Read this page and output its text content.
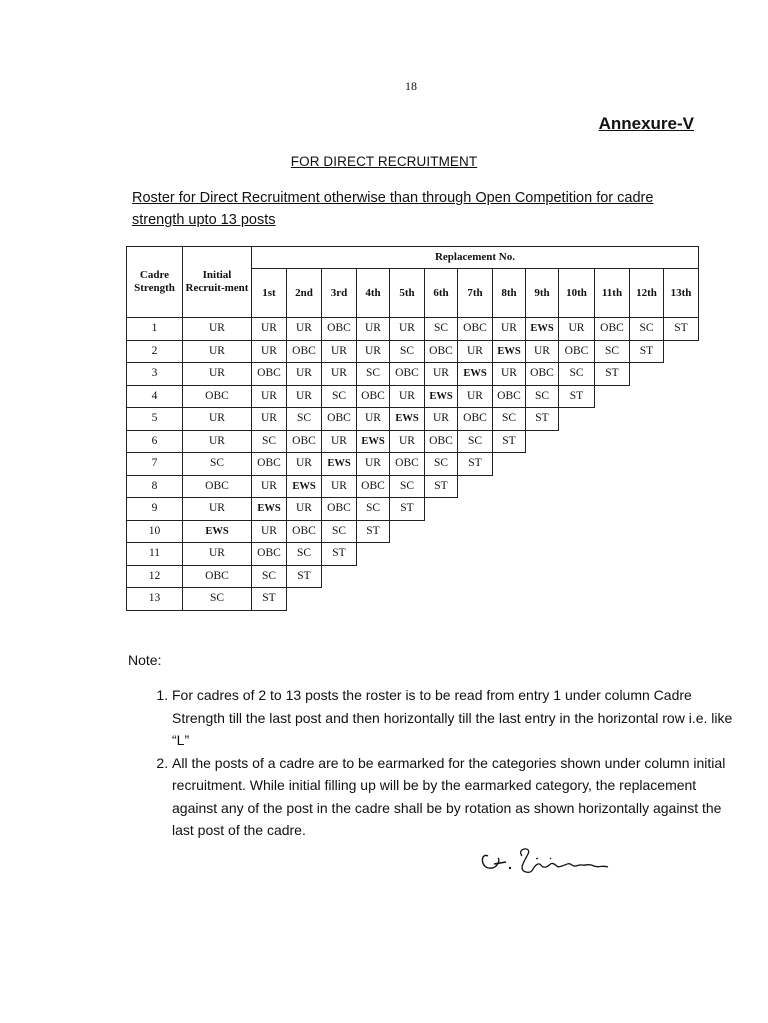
18
Annexure-V
FOR DIRECT RECRUITMENT
Roster for Direct Recruitment otherwise than through Open Competition for cadre strength upto 13 posts
Cadre Strength	Initial Recruit-ment	Replacement No.												
		1st	2nd	3rd	4th	5th	6th	7th	8th	9th	10th	11th	12th	13th
1	UR	UR	UR	OBC	UR	UR	SC	OBC	UR	EWS	UR	OBC	SC	ST
2	UR	UR	OBC	UR	UR	SC	OBC	UR	EWS	UR	OBC	SC	ST	
3	UR	OBC	UR	UR	SC	OBC	UR	EWS	UR	OBC	SC	ST		
4	OBC	UR	UR	SC	OBC	UR	EWS	UR	OBC	SC	ST			
5	UR	UR	SC	OBC	UR	EWS	UR	OBC	SC	ST				
6	UR	SC	OBC	UR	EWS	UR	OBC	SC	ST					
7	SC	OBC	UR	EWS	UR	OBC	SC	ST						
8	OBC	UR	EWS	UR	OBC	SC	ST							
9	UR	EWS	UR	OBC	SC	ST								
10	EWS	UR	OBC	SC	ST									
11	UR	OBC	SC	ST										
12	OBC	SC	ST											
13	SC	ST												
Note:
1. For cadres of 2 to 13 posts the roster is to be read from entry 1 under column Cadre Strength till the last post and then horizontally till the last entry in the horizontal row i.e. like “L”
2. All the posts of a cadre are to be earmarked for the categories shown under column initial recruitment. While initial filling up will be by the earmarked category, the replacement against any of the post in the cadre shall be by rotation as shown horizontally against the last post of the cadre.
